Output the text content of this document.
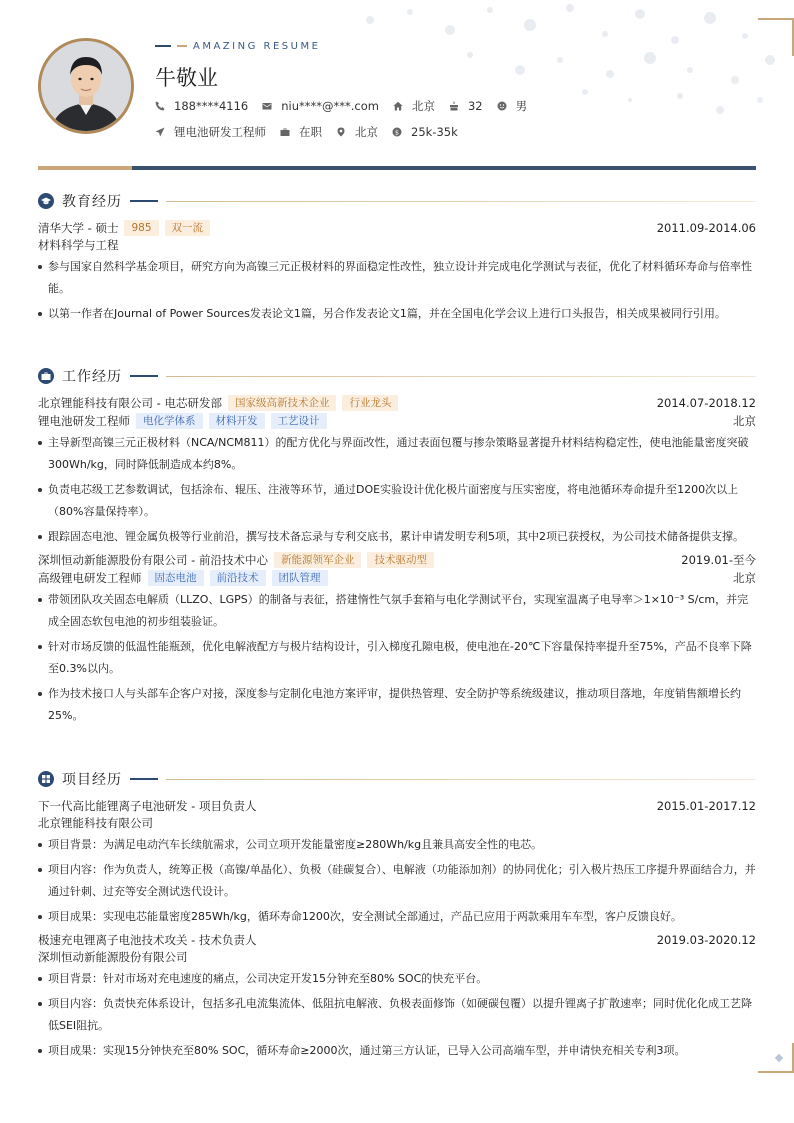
AMAZING RESUME
牛敬业
188****4116	niu****@***.com	北京	32	男
锂电池研发工程师	在职	北京	$ 25k-35k
教育经历
清华大学 - 硕士	985	双一流	2011.09-2014.06
材料科学与工程
参与国家自然科学基金项目，研究方向为高镍三元正极材料的界面稳定性改性，独立设计并完成电化学测试与表征，优化了材料循环寿命与倍率性能。
以第一作者在Journal of Power Sources发表论文1篇，另合作发表论文1篇，并在全国电化学会议上进行口头报告，相关成果被同行引用。
工作经历
北京锂能科技有限公司 - 电芯研发部	国家级高新技术企业	行业龙头	2014.07-2018.12
锂电池研发工程师	电化学体系	材料开发	工艺设计	北京
主导新型高镍三元正极材料（NCA/NCM811）的配方优化与界面改性，通过表面包覆与掺杂策略显著提升材料结构稳定性，使电池能量密度突破300Wh/kg，同时降低制造成本约8%。
负责电芯级工艺参数调试，包括涂布、辊压、注液等环节，通过DOE实验设计优化极片面密度与压实密度，将电池循环寿命提升至1200次以上（80%容量保持率）。
跟踪固态电池、锂金属负极等行业前沿，撰写技术备忘录与专利交底书，累计申请发明专利5项，其中2项已获授权，为公司技术储备提供支撑。
深圳恒动新能源股份有限公司 - 前沿技术中心	新能源领军企业	技术驱动型	2019.01-至今
高级锂电研发工程师	固态电池	前沿技术	团队管理	北京
带领团队攻关固态电解质（LLZO、LGPS）的制备与表征，搭建惰性气氛手套箱与电化学测试平台，实现室温离子电导率＞1×10⁻³ S/cm，并完成全固态软包电池的初步组装验证。
针对市场反馈的低温性能瓶颈，优化电解液配方与极片结构设计，引入梯度孔隙电极，使电池在-20℃下容量保持率提升至75%，产品不良率下降至0.3%以内。
作为技术接口人与头部车企客户对接，深度参与定制化电池方案评审，提供热管理、安全防护等系统级建议，推动项目落地，年度销售额增长约25%。
项目经历
下一代高比能锂离子电池研发 - 项目负责人	2015.01-2017.12
北京锂能科技有限公司
项目背景：为满足电动汽车长续航需求，公司立项开发能量密度≥280Wh/kg且兼具高安全性的电芯。
项目内容：作为负责人，统筹正极（高镍/单晶化）、负极（硅碳复合）、电解液（功能添加剂）的协同优化；引入极片热压工序提升界面结合力，并通过针刺、过充等安全测试迭代设计。
项目成果：实现电芯能量密度285Wh/kg，循环寿命1200次，安全测试全部通过，产品已应用于两款乘用车车型，客户反馈良好。
极速充电锂离子电池技术攻关 - 技术负责人	2019.03-2020.12
深圳恒动新能源股份有限公司
项目背景：针对市场对充电速度的痛点，公司决定开发15分钟充至80% SOC的快充平台。
项目内容：负责快充体系设计，包括多孔电流集流体、低阻抗电解液、负极表面修饰（如硬碳包覆）以提升锂离子扩散速率；同时优化化成工艺降低SEI阻抗。
项目成果：实现15分钟快充至80% SOC，循环寿命≥2000次，通过第三方认证，已导入公司高端车型，并申请快充相关专利3项。
